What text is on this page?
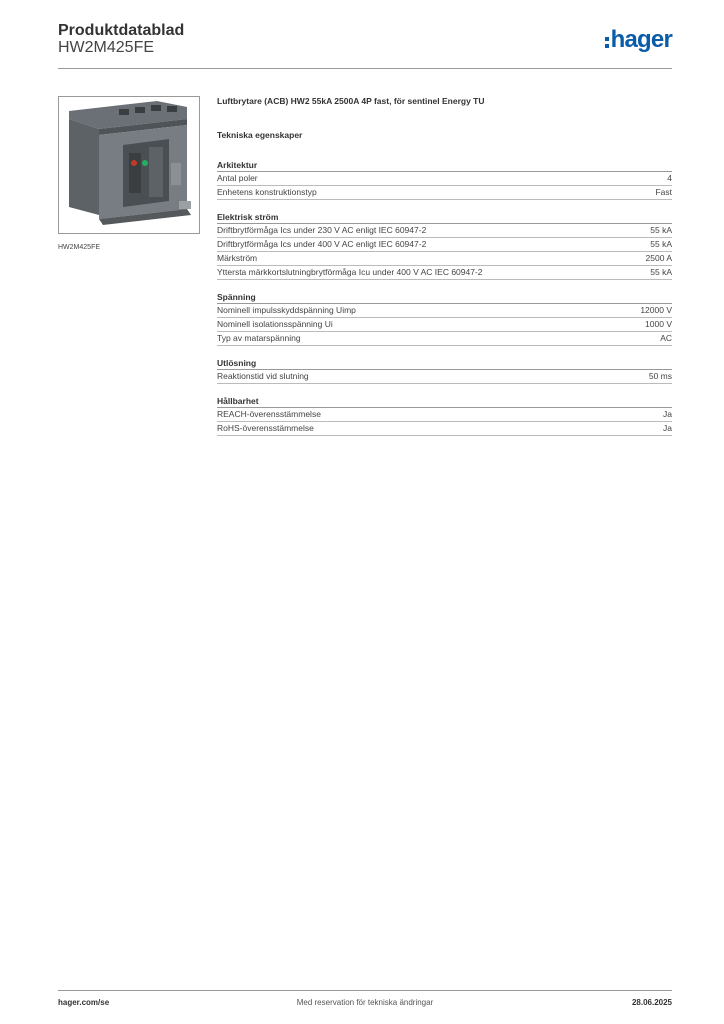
Produktdatablad
HW2M425FE	hager
HW2M425FE
Luftbrytare (ACB) HW2 55kA 2500A 4P fast, för sentinel Energy TU
Tekniska egenskaper
Arkitektur
Antal poler	4
Enhetens konstruktionstyp	Fast
Elektrisk ström
Driftbrytförmåga Ics under 230 V AC enligt IEC 60947-2	55 kA
Driftbrytförmåga Ics under 400 V AC enligt IEC 60947-2	55 kA
Märkström	2500 A
Yttersta märkkortslutningbrytförmåga Icu under 400 V AC IEC 60947-2	55 kA
Spänning
Nominell impulsskyddspänning Uimp	12000 V
Nominell isolationsspänning Ui	1000 V
Typ av matarspänning	AC
Utlösning
Reaktionstid vid slutning	50 ms
Hållbarhet
REACH-överensstämmelse	Ja
RoHS-överensstämmelse	Ja
hager.com/se	Med reservation för tekniska ändringar	28.06.2025
